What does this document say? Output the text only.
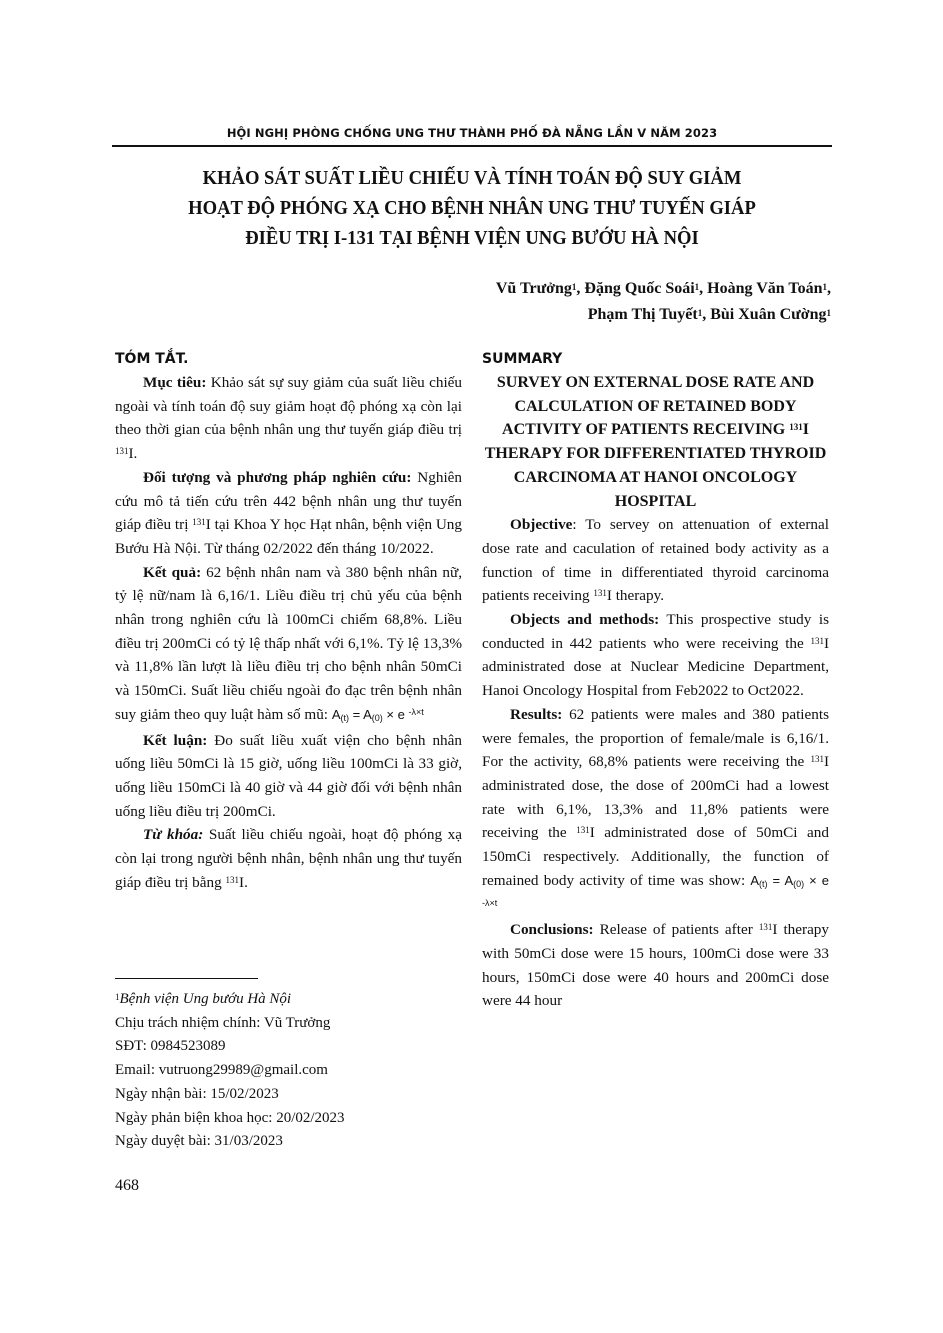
HỘI NGHỊ PHÒNG CHỐNG UNG THƯ THÀNH PHỐ ĐÀ NẴNG LẦN V NĂM 2023
KHẢO SÁT SUẤT LIỀU CHIẾU VÀ TÍNH TOÁN ĐỘ SUY GIẢM
HOẠT ĐỘ PHÓNG XẠ CHO BỆNH NHÂN UNG THƯ TUYẾN GIÁP
ĐIỀU TRỊ I-131 TẠI BỆNH VIỆN UNG BƯỚU HÀ NỘI
Vũ Trưởng$^1$, Đặng Quốc Soái$^1$, Hoàng Văn Toán$^1$,
Phạm Thị Tuyết$^1$, Bùi Xuân Cường$^1$
TÓM TẮT.

Mục tiêu: Khảo sát sự suy giảm của suất liều chiếu ngoài và tính toán độ suy giảm hoạt độ phóng xạ còn lại theo thời gian của bệnh nhân ung thư tuyến giáp điều trị $^{131}$I.

Đối tượng và phương pháp nghiên cứu: Nghiên cứu mô tả tiến cứu trên 442 bệnh nhân ung thư tuyến giáp điều trị $^{131}$I tại Khoa Y học Hạt nhân, bệnh viện Ung Bướu Hà Nội. Từ tháng 02/2022 đến tháng 10/2022.

Kết quả: 62 bệnh nhân nam và 380 bệnh nhân nữ, tỷ lệ nữ/nam là 6,16/1. Liều điều trị chủ yếu của bệnh nhân trong nghiên cứu là 100mCi chiếm 68,8%. Liều điều trị 200mCi có tỷ lệ thấp nhất với 6,1%. Tỷ lệ 13,3% và 11,8% lần lượt là liều điều trị cho bệnh nhân 50mCi và 150mCi. Suất liều chiếu ngoài đo đạc trên bệnh nhân suy giảm theo quy luật hàm số mũ: A(t) = A(0) × e $^{-\lambda\times t}$

Kết luận: Đo suất liều xuất viện cho bệnh nhân uống liều 50mCi là 15 giờ, uống liều 100mCi là 33 giờ, uống liều 150mCi là 40 giờ và 44 giờ đối với bệnh nhân uống liều điều trị 200mCi.

Từ khóa: Suất liều chiếu ngoài, hoạt độ phóng xạ còn lại trong người bệnh nhân, bệnh nhân ung thư tuyến giáp điều trị bằng $^{131}$I.

SUMMARY
SURVEY ON EXTERNAL DOSE RATE AND CALCULATION OF RETAINED BODY ACTIVITY OF PATIENTS RECEIVING $^{131}$I THERAPY FOR DIFFERENTIATED THYROID CARCINOMA AT HANOI ONCOLOGY HOSPITAL

Objective: To servey on attenuation of external dose rate and caculation of retained body activity as a function of time in differentiated thyroid carcinoma patients receiving $^{131}$I therapy.

Objects and methods: This prospective study is conducted in 442 patients who were receiving the $^{131}$I administrated dose at Nuclear Medicine Department, Hanoi Oncology Hospital from Feb2022 to Oct2022.

Results: 62 patients were males and 380 patients were females, the proportion of female/male is 6,16/1. For the activity, 68,8% patients were receiving the $^{131}$I administrated dose, the dose of 200mCi had a lowest rate with 6,1%, 13,3% and 11,8% patients were receiving the $^{131}$I administrated dose of 50mCi and 150mCi respectively. Additionally, the function of remained body activity of time was show: A(t) = A(0) × e $^{-\lambda\times t}$

Conclusions: Release of patients after $^{131}$I therapy with 50mCi dose were 15 hours, 100mCi dose were 33 hours, 150mCi dose were 40 hours and 200mCi dose were 44 hour

$^1$Bệnh viện Ung bướu Hà Nội
Chịu trách nhiệm chính: Vũ Trưởng
SĐT: 0984523089
Email: vutruong29989@gmail.com
Ngày nhận bài: 15/02/2023
Ngày phản biện khoa học: 20/02/2023
Ngày duyệt bài: 31/03/2023
468
